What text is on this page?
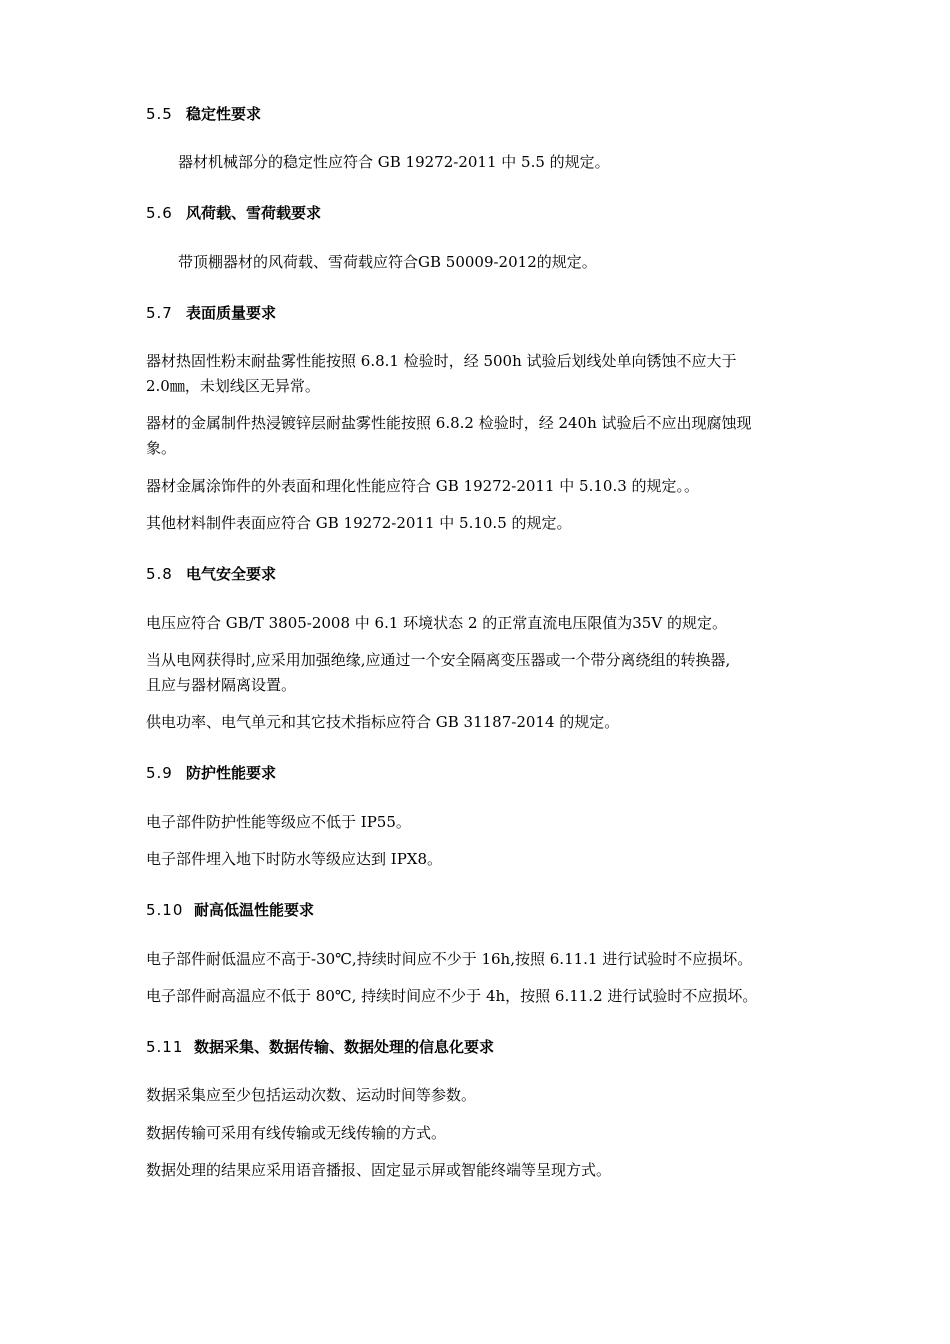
5.5 稳定性要求
器材机械部分的稳定性应符合 GB 19272-2011 中 5.5 的规定。
5.6 风荷载、雪荷载要求
带顶棚器材的风荷载、雪荷载应符合GB 50009-2012的规定。
5.7 表面质量要求
器材热固性粉末耐盐雾性能按照 6.8.1 检验时，经 500h 试验后划线处单向锈蚀不应大于
2.0㎜，未划线区无异常。
器材的金属制件热浸镀锌层耐盐雾性能按照 6.8.2 检验时，经 240h 试验后不应出现腐蚀现
象。
器材金属涂饰件的外表面和理化性能应符合 GB 19272-2011 中 5.10.3 的规定。。
其他材料制件表面应符合 GB 19272-2011 中 5.10.5 的规定。
5.8 电气安全要求
电压应符合 GB/T 3805-2008 中 6.1 环境状态 2 的正常直流电压限值为35V 的规定。
当从电网获得时,应采用加强绝缘,应通过一个安全隔离变压器或一个带分离绕组的转换器,
且应与器材隔离设置。
供电功率、电气单元和其它技术指标应符合 GB 31187-2014 的规定。
5.9 防护性能要求
电子部件防护性能等级应不低于 IP55。
电子部件埋入地下时防水等级应达到 IPX8。
5.10 耐高低温性能要求
电子部件耐低温应不高于-30℃,持续时间应不少于 16h,按照 6.11.1 进行试验时不应损坏。
电子部件耐高温应不低于 80℃, 持续时间应不少于 4h，按照 6.11.2 进行试验时不应损坏。
5.11 数据采集、数据传输、数据处理的信息化要求
数据采集应至少包括运动次数、运动时间等参数。
数据传输可采用有线传输或无线传输的方式。
数据处理的结果应采用语音播报、固定显示屏或智能终端等呈现方式。
